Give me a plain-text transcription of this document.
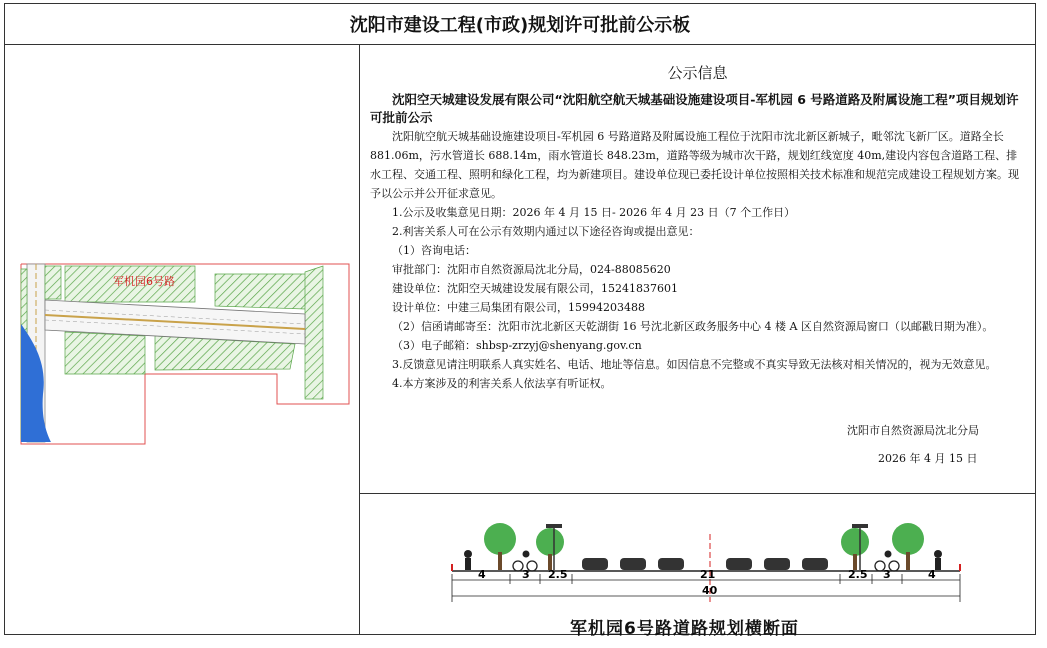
沈阳市建设工程(市政)规划许可批前公示板
军机园6号路
公示信息
沈阳空天城建设发展有限公司“沈阳航空航天城基础设施建设项目-军机园 6 号路道路及附属设施工程”项目规划许可批前公示
沈阳航空航天城基础设施建设项目-军机园 6 号路道路及附属设施工程位于沈阳市沈北新区新城子，毗邻沈飞新厂区。道路全长 881.06m，污水管道长 688.14m，雨水管道长 848.23m，道路等级为城市次干路，规划红线宽度 40m,建设内容包含道路工程、排水工程、交通工程、照明和绿化工程，均为新建项目。建设单位现已委托设计单位按照相关技术标准和规范完成建设工程规划方案。现予以公示并公开征求意见。
1.公示及收集意见日期：2026 年 4 月 15 日- 2026 年 4 月 23 日（7 个工作日）
2.利害关系人可在公示有效期内通过以下途径咨询或提出意见：
（1）咨询电话：
审批部门：沈阳市自然资源局沈北分局，024-88085620
建设单位：沈阳空天城建设发展有限公司，15241837601
设计单位：中建三局集团有限公司，15994203488
（2）信函请邮寄至：沈阳市沈北新区天乾湖街 16 号沈北新区政务服务中心 4 楼 A 区自然资源局窗口（以邮戳日期为准）。
（3）电子邮箱：shbsp-zrzyj@shenyang.gov.cn
3.反馈意见请注明联系人真实姓名、电话、地址等信息。如因信息不完整或不真实导致无法核对相关情况的，视为无效意见。
4.本方案涉及的利害关系人依法享有听证权。
沈阳市自然资源局沈北分局
2026 年 4 月 15 日
4	3 2.5	21	2.5 3	4
40
军机园6号路道路规划横断面
